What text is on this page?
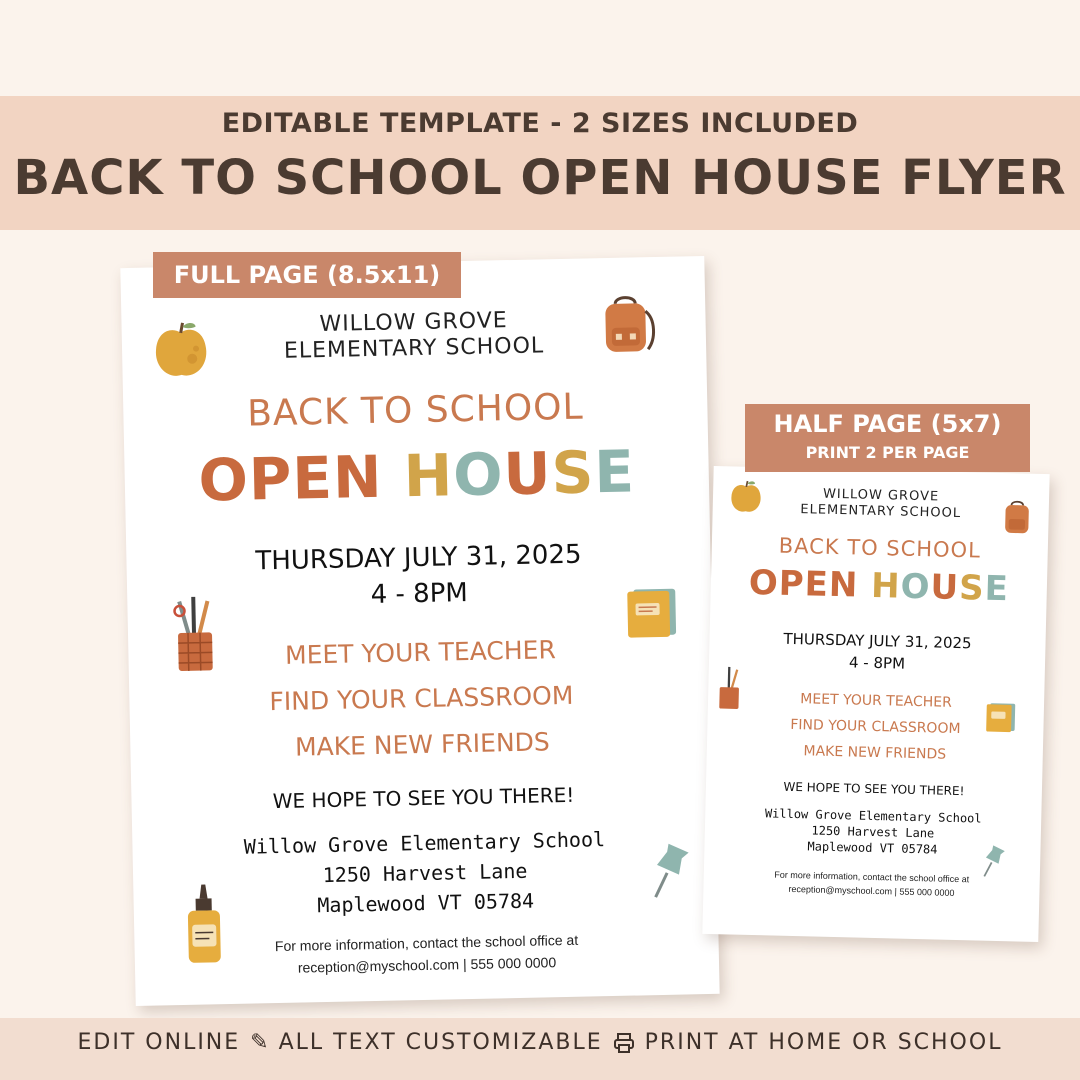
EDITABLE TEMPLATE - 2 SIZES INCLUDED
BACK TO SCHOOL OPEN HOUSE FLYER
WILLOW GROVE
ELEMENTARY SCHOOL
BACK TO SCHOOL
OPEN HOUSE
THURSDAY JULY 31, 2025
4 - 8PM
MEET YOUR TEACHER
FIND YOUR CLASSROOM
MAKE NEW FRIENDS
WE HOPE TO SEE YOU THERE!
Willow Grove Elementary School
1250 Harvest Lane
Maplewood VT 05784
For more information, contact the school office at
reception@myschool.com | 555 000 0000
WILLOW GROVE
ELEMENTARY SCHOOL
BACK TO SCHOOL
OPEN HOUSE
THURSDAY JULY 31, 2025
4 - 8PM
MEET YOUR TEACHER
FIND YOUR CLASSROOM
MAKE NEW FRIENDS
WE HOPE TO SEE YOU THERE!
Willow Grove Elementary School
1250 Harvest Lane
Maplewood VT 05784
For more information, contact the school office at
reception@myschool.com | 555 000 0000
FULL PAGE (8.5x11)
HALF PAGE (5x7)
PRINT 2 PER PAGE
EDIT ONLINE ✎ ALL TEXT CUSTOMIZABLE PRINT AT HOME OR SCHOOL
